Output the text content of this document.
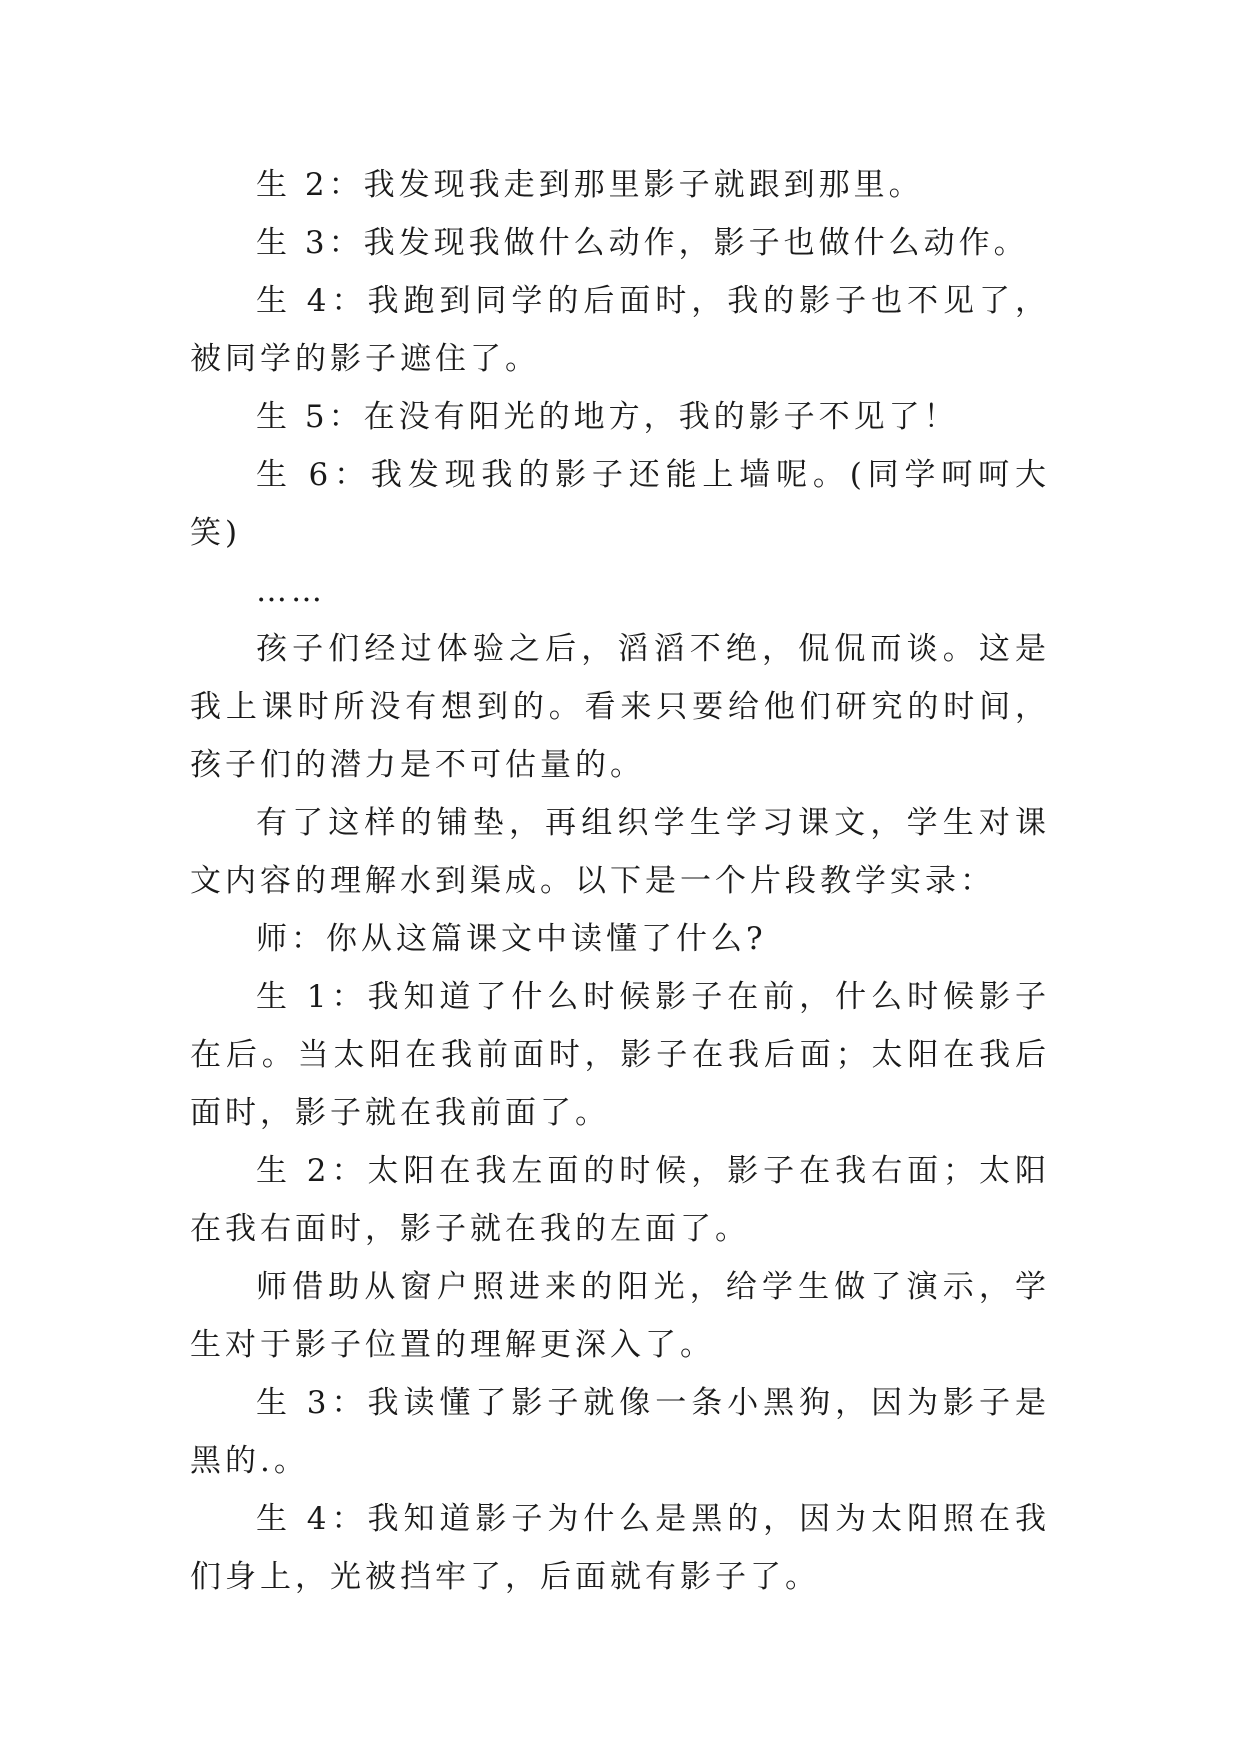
生 2：我发现我走到那里影子就跟到那里。

生 3：我发现我做什么动作，影子也做什么动作。

生 4：我跑到同学的后面时，我的影子也不见了，被同学的影子遮住了。

生 5：在没有阳光的地方，我的影子不见了！

生 6：我发现我的影子还能上墙呢。(同学呵呵大笑)

……

孩子们经过体验之后，滔滔不绝，侃侃而谈。这是我上课时所没有想到的。看来只要给他们研究的时间，孩子们的潜力是不可估量的。

有了这样的铺垫，再组织学生学习课文，学生对课文内容的理解水到渠成。以下是一个片段教学实录：

师：你从这篇课文中读懂了什么?

生 1：我知道了什么时候影子在前，什么时候影子在后。当太阳在我前面时，影子在我后面；太阳在我后面时，影子就在我前面了。

生 2：太阳在我左面的时候，影子在我右面；太阳在我右面时，影子就在我的左面了。

师借助从窗户照进来的阳光，给学生做了演示，学生对于影子位置的理解更深入了。

生 3：我读懂了影子就像一条小黑狗，因为影子是黑的.。

生 4：我知道影子为什么是黑的，因为太阳照在我们身上，光被挡牢了，后面就有影子了。
